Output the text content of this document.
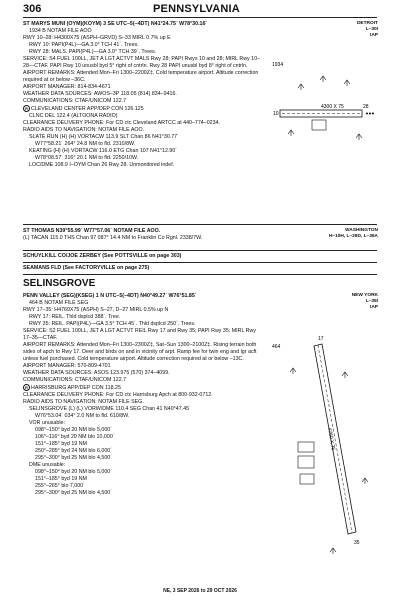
306	PENNSYLVANIA
DETROIT
L–30I
IAP
ST MARYS MUNI (OYM)(KOYM) 3 SE UTC–5(–4DT) N41°24.75´ W78°30.16´
1934 B NOTAM FILE AOO
RWY 10–28: H4300X75 (ASPH–GRVD) S–33 MIRL 0.7% up E
RWY 10: PAPI(P4L)—GA 3.0° TCH 41´. Trees.
RWY 28: MALS. PAPI(P4L)—GA 3.0° TCH 39´. Trees.
SERVICE: S4 FUEL 100LL, JET A LGT ACTVT MALS Rwy 28; PAPI Rwys 10 and 28; MIRL Rwy 10–28—CTAF. PAPI Rwy 10 unusbl byd 5° right of cntrln. Rwy 28 PAPI unusbl byd 8° right of cntrln.
AIRPORT REMARKS: Attended Mon–Fri 1300–2200Z‡. Cold temperature airport. Altitude correction required at or below –36C.
AIRPORT MANAGER: 814-834-4671
WEATHER DATA SOURCES: AWOS–3P 118.05 (814) 834–9416.
COMMUNICATIONS: CTAF/UNICOM 122.7
R CLEVELAND CENTER APP/DEP CON 126.125
CLNC DEL 122.4 (ALTOONA RADIO)
CLEARANCE DELIVERY PHONE: For CD ctc Cleveland ARTCC at 440–774–0234.
RADIO AIDS TO NAVIGATION: NOTAM FILE AOO.
SLATE RUN (H) (H) VORTACW 113.9 SLT Chan 86 N41°30.77´
W77°58.21´ 264° 24.8 NM to fld. 2310/8W.
KEATING (H) (H) VORTACW 116.0 ETG Chan 107 N41°12.90´
W78°08.57´ 316° 20.1 NM to fld. 2250/10W.
LOC/DME 108.9 I–OYM Chan 26 Rwy 28. Unmonitored indef.
4300 X 75
10
28
1934
WASHINGTON
H–10H, L–29D, L–36A
ST THOMAS N39°55.99´ W77°57.06´ NOTAM FILE AOO.
(L) TACAN 115.0 THS Chan 97 087° 14.4 NM to Franklin Co Rgnl. 2338/7W.
SCHUYLKILL CO/JOE ZERBEY (See POTTSVILLE on page 303)
SEAMANS FLD (See FACTORYVILLE on page 275)
SELINSGROVE
NEW YORK
L–35I
IAP
PENN VALLEY (SEG)(KSEG) 1 N UTC–5(–4DT) N40°49.27´ W76°51.85´
464 B NOTAM FILE SEG
RWY 17–35: H4760X75 (ASPH) S–27, D–27 MIRL 0.5% up N
RWY 17: REIL. Thld dsplcd 388´. Tree.
RWY 35: REIL. PAPI(P4L)—GA 3.5° TCH 45´. Thld dsplcd 250´. Trees.
SERVICE: S2 FUEL 100LL, JET A LGT ACTVT REIL Rwy 17 and Rwy 35; PAPI Rwy 35; MIRL Rwy 17–35—CTAF.
AIRPORT REMARKS: Attended Mon–Fri 1300–2300Z‡, Sat–Sun 1300–2100Z‡. Rising terrain both sides of apch to Rwy 17. Deer and birds on and in vicinity of arpt. Ramp fee for twin eng and lgr acft unless fuel purchased. Cold temperature airport. Altitude correction required at or below –13C.
AIRPORT MANAGER: 570-809-4701
WEATHER DATA SOURCES: ASOS 123.975 (570) 374–4099.
COMMUNICATIONS: CTAF/UNICOM 122.7
R HARRISBURG APP/DEP CON 118.25
CLEARANCE DELIVERY PHONE: For CD ctc Harrisburg Apch at 800-932-0712.
RADIO AIDS TO NAVIGATION: NOTAM FILE SEG.
SELINSGROVE (L) (L) VORW/DME 110.4 SEG Chan 41 N40°47.45´
W76°53.04´ 034° 2.0 NM to fld. 610/8W.
VOR unusable:
098°–150° byd 20 NM blo 5,000´
106°–116° byd 20 NM blo 10,000´
151°–185° byd 19 NM
250°–285° byd 24 NM blo 6,000´
295°–300° byd 25 NM blo 4,500´
DME unusable:
098°–150° byd 20 NM blo 5,000´
151°–185° byd 19 NM
255°–265° blo 7,000´
295°–300° byd 25 NM blo 4,500´
17
464
4760 X 75
35
NE, 3 SEP 2026 to 29 OCT 2026
